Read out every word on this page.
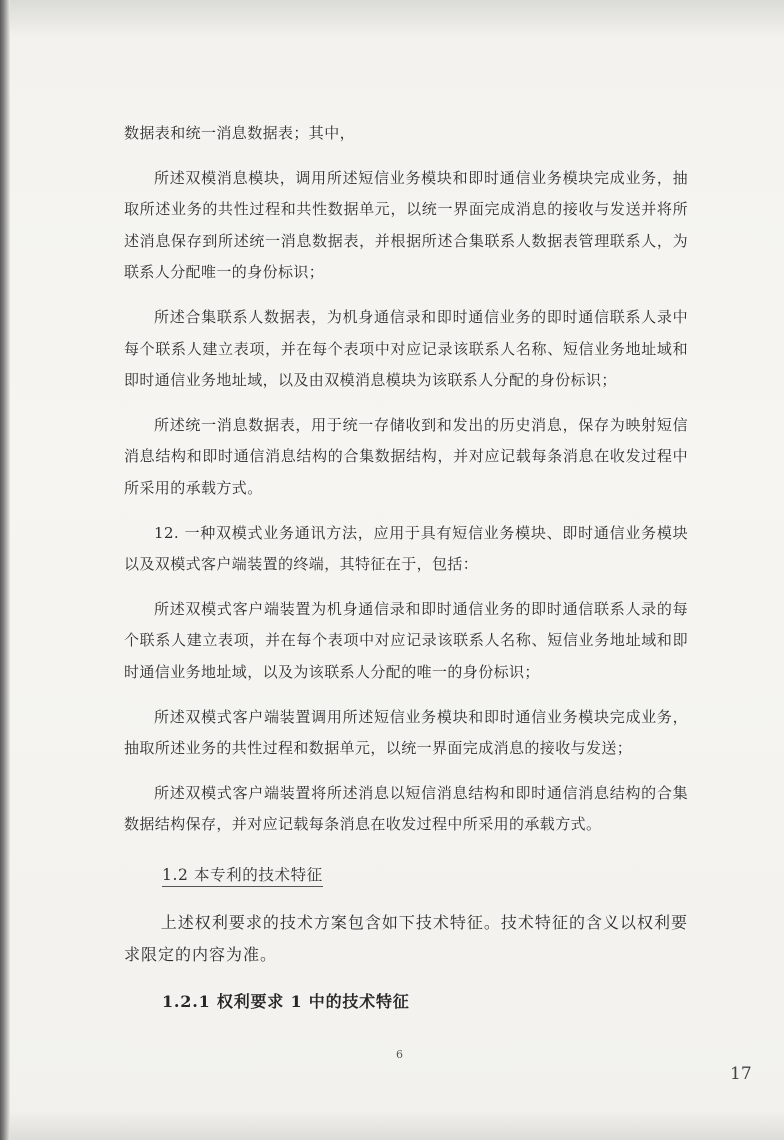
数据表和统一消息数据表；其中，

所述双模消息模块，调用所述短信业务模块和即时通信业务模块完成业务，抽取所述业务的共性过程和共性数据单元，以统一界面完成消息的接收与发送并将所述消息保存到所述统一消息数据表，并根据所述合集联系人数据表管理联系人，为联系人分配唯一的身份标识；

所述合集联系人数据表，为机身通信录和即时通信业务的即时通信联系人录中每个联系人建立表项，并在每个表项中对应记录该联系人名称、短信业务地址域和即时通信业务地址域，以及由双模消息模块为该联系人分配的身份标识；

所述统一消息数据表，用于统一存储收到和发出的历史消息，保存为映射短信消息结构和即时通信消息结构的合集数据结构，并对应记载每条消息在收发过程中所采用的承载方式。

12. 一种双模式业务通讯方法，应用于具有短信业务模块、即时通信业务模块以及双模式客户端装置的终端，其特征在于，包括：

所述双模式客户端装置为机身通信录和即时通信业务的即时通信联系人录的每个联系人建立表项，并在每个表项中对应记录该联系人名称、短信业务地址域和即时通信业务地址域，以及为该联系人分配的唯一的身份标识；

所述双模式客户端装置调用所述短信业务模块和即时通信业务模块完成业务，抽取所述业务的共性过程和数据单元，以统一界面完成消息的接收与发送；

所述双模式客户端装置将所述消息以短信消息结构和即时通信消息结构的合集数据结构保存，并对应记载每条消息在收发过程中所采用的承载方式。

1.2 本专利的技术特征

上述权利要求的技术方案包含如下技术特征。技术特征的含义以权利要求限定的内容为准。

1.2.1 权利要求 1 中的技术特征
6
17
